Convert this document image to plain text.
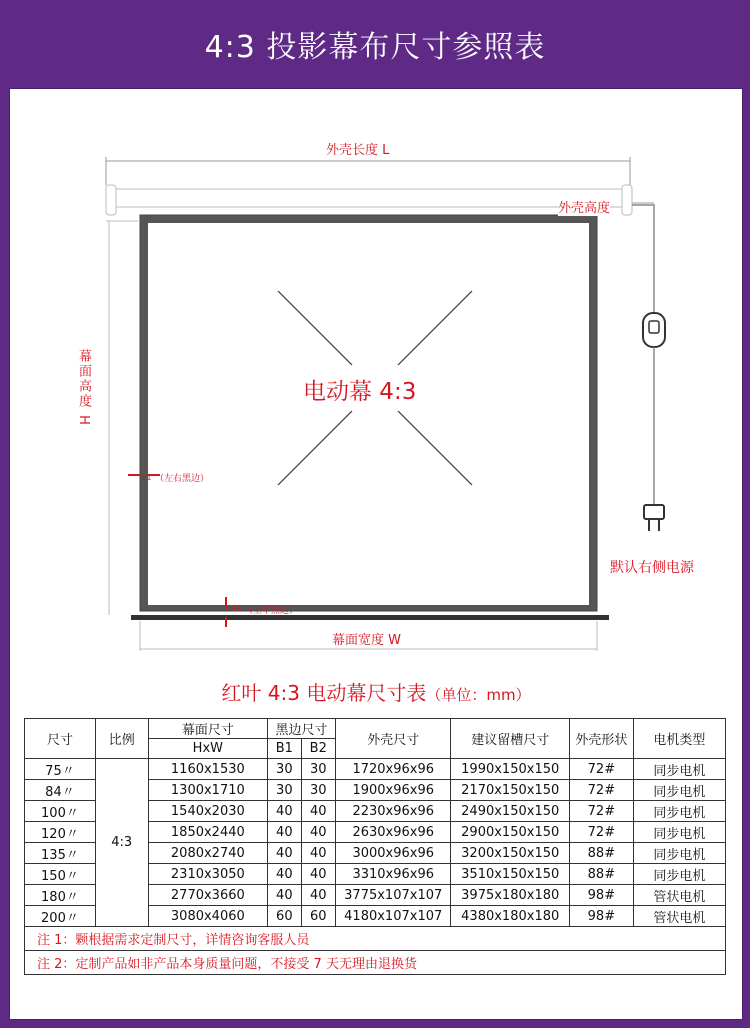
4:3 投影幕布尺寸参照表
外壳长度 L
外壳高度
幕面高度 H	电动幕 4:3
B1 （左右黑边）
B2 （上下黑边）
幕面宽度 W
默认右侧电源
红叶 4:3 电动幕尺寸表（单位：mm）
尺寸	比例	幕面尺寸	黑边尺寸		外壳尺寸	建议留槽尺寸	外壳形状	电机类型
		HxW	B1	B2				
75〃	4:3	1160x1530	30	30	1720x96x96	1990x150x150	72#	同步电机
84〃		1300x1710	30	30	1900x96x96	2170x150x150	72#	同步电机
100〃		1540x2030	40	40	2230x96x96	2490x150x150	72#	同步电机
120〃		1850x2440	40	40	2630x96x96	2900x150x150	72#	同步电机
135〃		2080x2740	40	40	3000x96x96	3200x150x150	88#	同步电机
150〃		2310x3050	40	40	3310x96x96	3510x150x150	88#	同步电机
180〃		2770x3660	40	40	3775x107x107	3975x180x180	98#	管状电机
200〃		3080x4060	60	60	4180x107x107	4380x180x180	98#	管状电机
注 1：颗根据需求定制尺寸，详情咨询客服人员								
注 2：定制产品如非产品本身质量问题，不接受 7 天无理由退换货								
